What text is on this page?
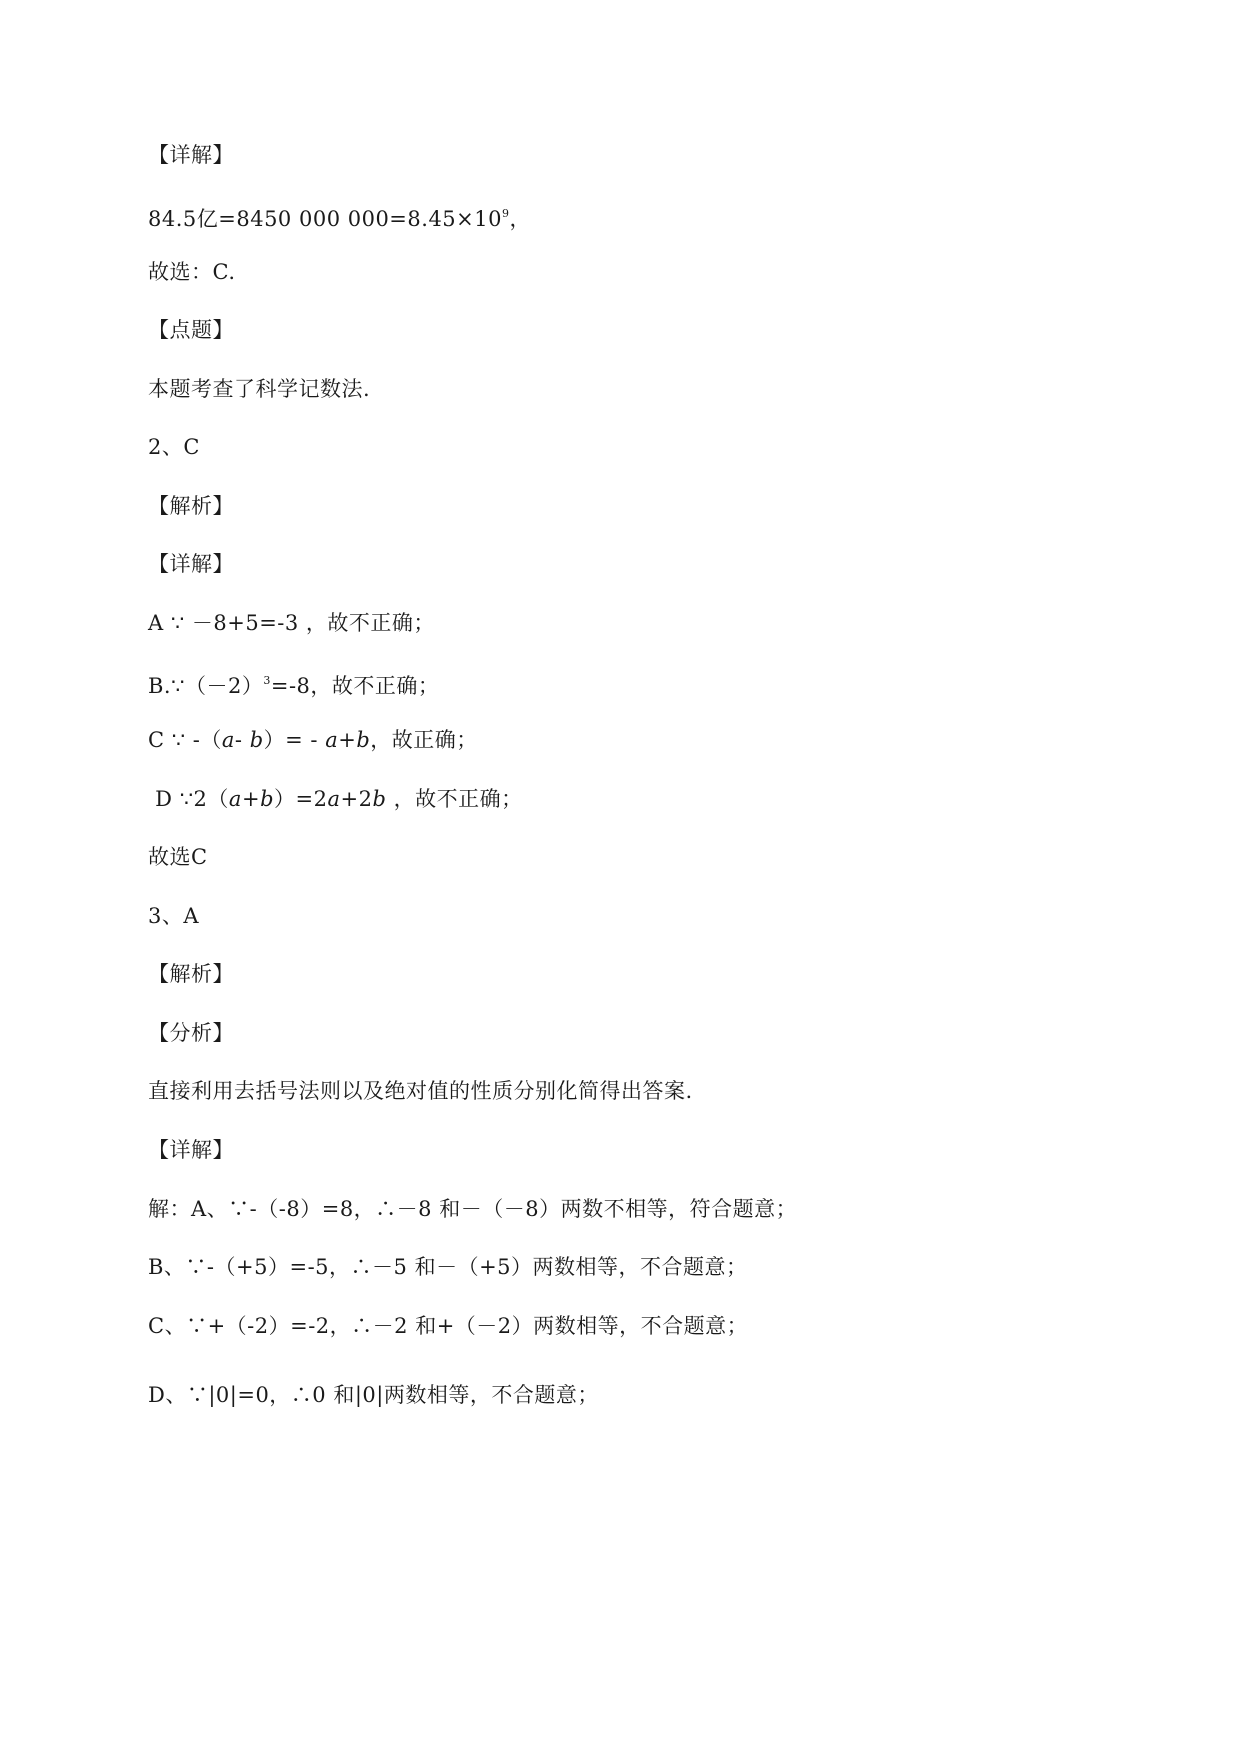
【详解】
84.5亿=8450 000 $000=8.45\times 10^9$，
故选：C.
【点题】
本题考查了科学记数法.
2、C
【解析】
【详解】
A ∵ －8+5=-3 ，故不正确；
$B.\because(-2)^3=-8$，故不正确；
C ∵ -（a- b）= - a+b，故正确；
D ∵2（a+b）=2a+2b ，故不正确；
故选C
3、A
【解析】
【分析】
直接利用去括号法则以及绝对值的性质分别化简得出答案.
【详解】
解：A、∵-（-8）=8，∴－8 和－（－8）两数不相等，符合题意；
B、∵-（+5）=-5，∴－5 和－（+5）两数相等，不合题意；
C、∵+（-2）=-2，∴－2 和+（－2）两数相等，不合题意；
D、∵|0|=0，∴0 和|0|两数相等，不合题意；
